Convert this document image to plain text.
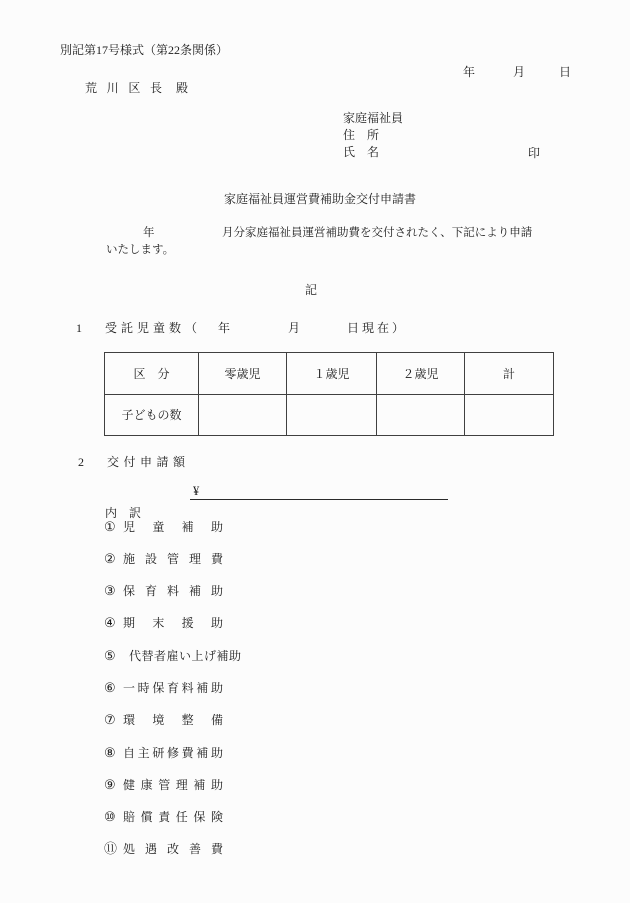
別記第17号様式（第22条関係）
年	月	日
荒 川 区 長 殿
家庭福祉員
住　所
氏　名	印
家庭福祉員運営費補助金交付申請書
年	月分家庭福祉員運営補助費を交付されたく、下記により申請
いたします。
記
1 受託児童数（ 年	月	日現在）
区　分	零歳児	１歳児	２歳児	計
子どもの数				
2 交付申請額
¥
内　訳
① 児 童 補 助
② 施 設 管 理 費
③ 保 育 料 補 助
④ 期 末 援 助
⑤ 代替者雇い上げ補助
⑥ 一 時 保 育 料 補 助
⑦ 環 境 整 備
⑧ 自 主 研 修 費 補 助
⑨ 健 康 管 理 補 助
⑩ 賠 償 責 任 保 険
⑪ 処 遇 改 善 費
